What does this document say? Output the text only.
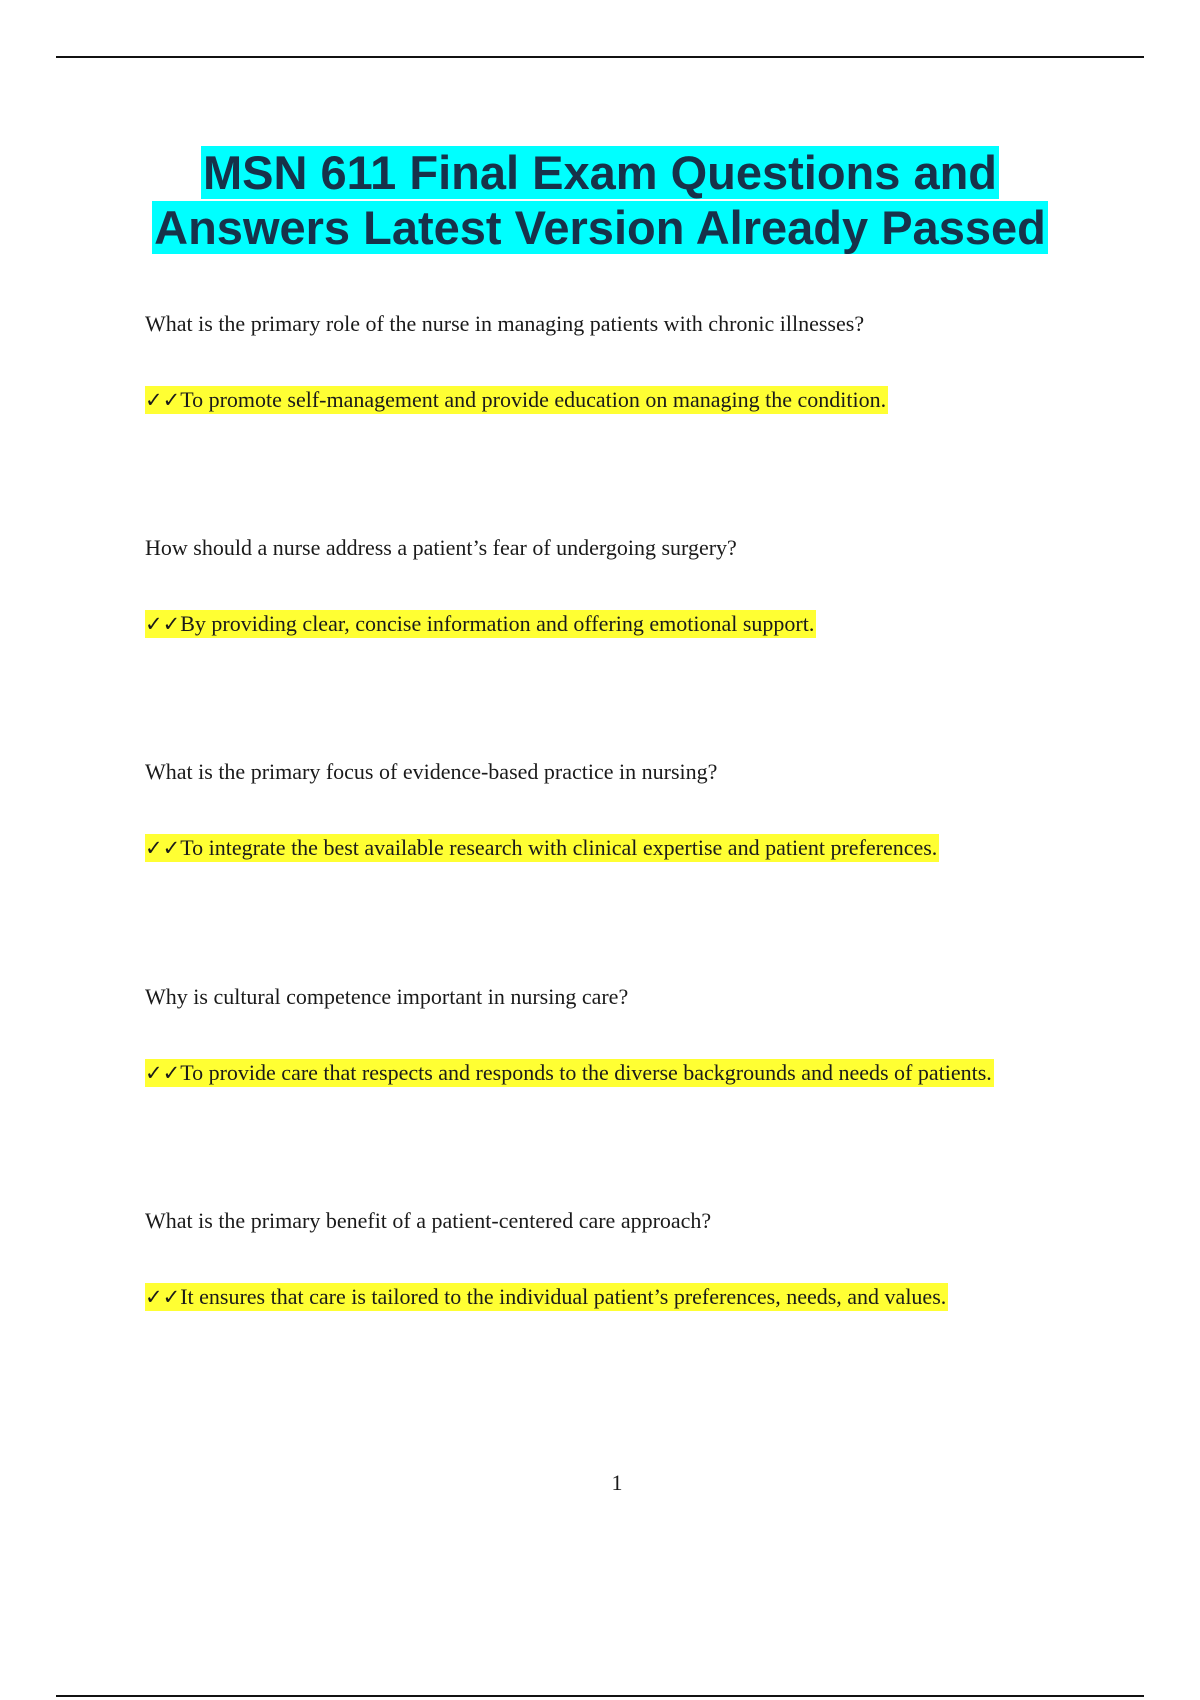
MSN 611 Final Exam Questions and
Answers Latest Version Already Passed
What is the primary role of the nurse in managing patients with chronic illnesses?
✓✓To promote self-management and provide education on managing the condition.
How should a nurse address a patient’s fear of undergoing surgery?
✓✓By providing clear, concise information and offering emotional support.
What is the primary focus of evidence-based practice in nursing?
✓✓To integrate the best available research with clinical expertise and patient preferences.
Why is cultural competence important in nursing care?
✓✓To provide care that respects and responds to the diverse backgrounds and needs of patients.
What is the primary benefit of a patient-centered care approach?
✓✓It ensures that care is tailored to the individual patient’s preferences, needs, and values.
1
